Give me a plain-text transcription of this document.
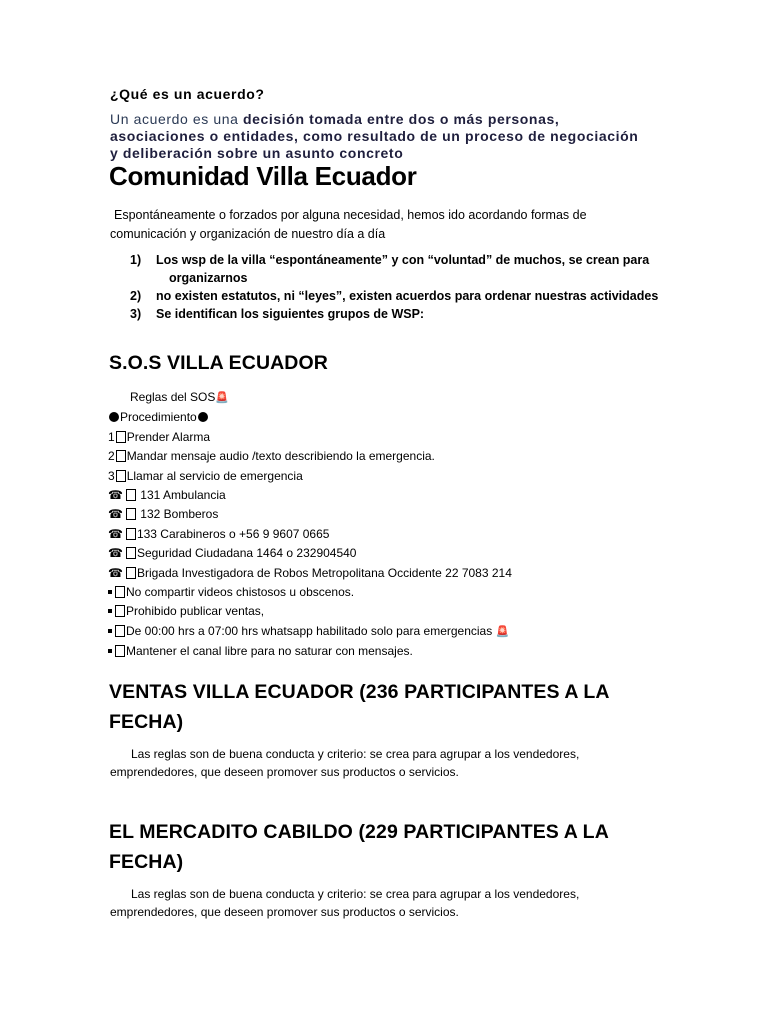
¿Qué es un acuerdo?
Un acuerdo es una decisión tomada entre dos o más personas,
asociaciones o entidades, como resultado de un proceso de negociación
y deliberación sobre un asunto concreto
Comunidad Villa Ecuador
Espontáneamente o forzados por alguna necesidad, hemos ido acordando formas de
comunicación y organización de nuestro día a día
1)	Los wsp de la villa “espontáneamente” y con “voluntad” de muchos, se crean para
organizarnos
2)	no existen estatutos, ni “leyes”, existen acuerdos para ordenar nuestras actividades
3)	Se identifican los siguientes grupos de WSP:
S.O.S VILLA ECUADOR
Reglas del SOS🚨
Procedimiento
1 Prender Alarma
2 Mandar mensaje audio /texto describiendo la emergencia.
3 Llamar al servicio de emergencia
☎ 131 Ambulancia
☎ 132 Bomberos
☎ 133 Carabineros o +56 9 9607 0665
☎ Seguridad Ciudadana 1464 o 232904540
☎ Brigada Investigadora de Robos Metropolitana Occidente 22 7083 214
No compartir videos chistosos u obscenos.
Prohibido publicar ventas,
De 00:00 hrs a 07:00 hrs whatsapp habilitado solo para emergencias 🚨
Mantener el canal libre para no saturar con mensajes.
VENTAS VILLA ECUADOR (236 PARTICIPANTES A LA
FECHA)
Las reglas son de buena conducta y criterio: se crea para agrupar a los vendedores,
emprendedores, que deseen promover sus productos o servicios.
EL MERCADITO CABILDO (229 PARTICIPANTES A LA
FECHA)
Las reglas son de buena conducta y criterio: se crea para agrupar a los vendedores,
emprendedores, que deseen promover sus productos o servicios.
